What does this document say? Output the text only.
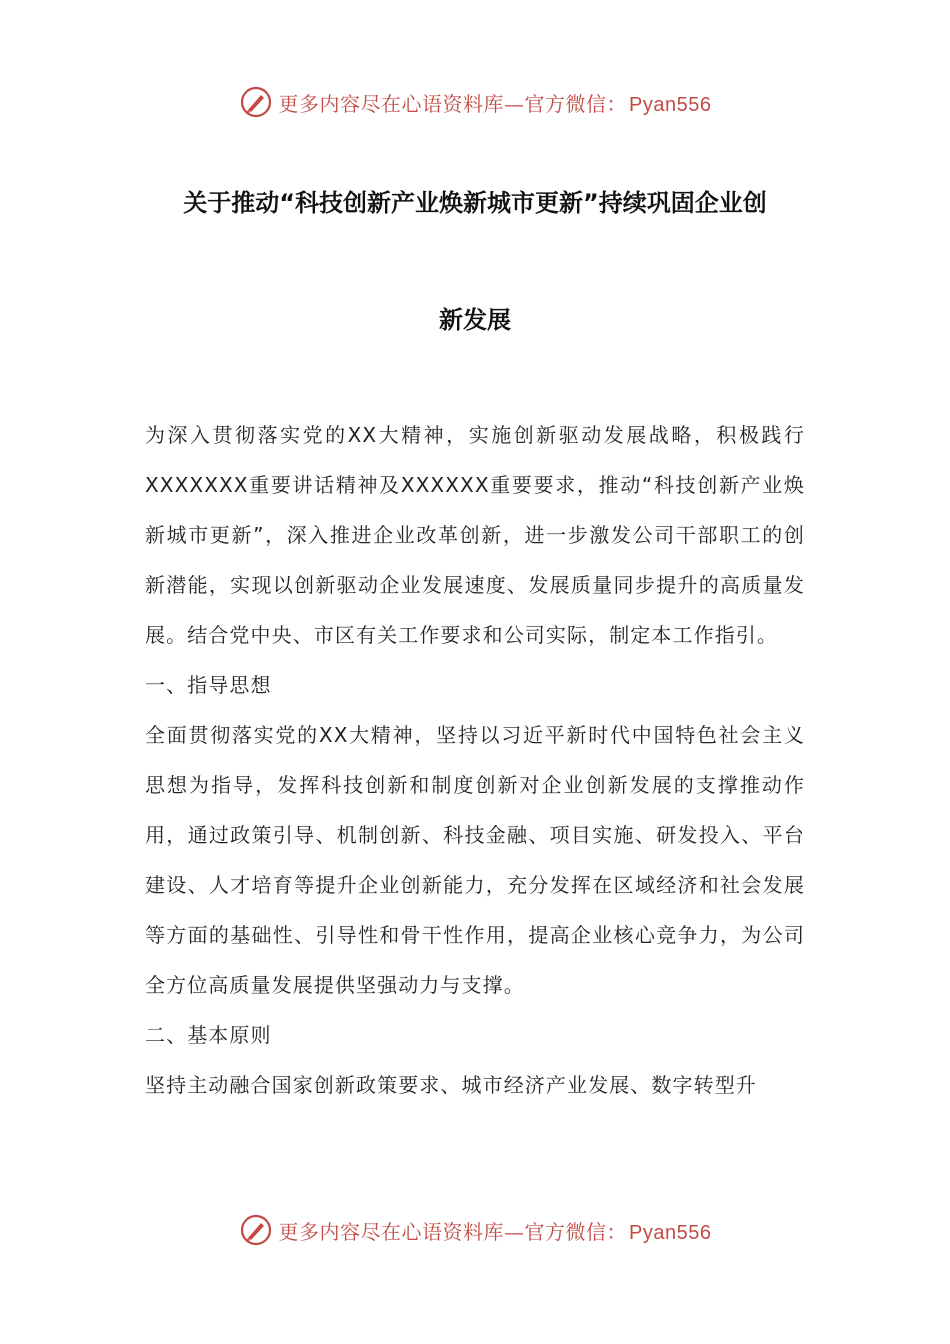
更多内容尽在心语资料库—官方微信： Pyan556
关于推动“科技创新产业焕新城市更新”持续巩固企业创
新发展

为深入贯彻落实党的XX大精神，实施创新驱动发展战略，积极践行XXXXXXX重要讲话精神及XXXXXX重要要求，推动“科技创新产业焕新城市更新”，深入推进企业改革创新，进一步激发公司干部职工的创新潜能，实现以创新驱动企业发展速度、发展质量同步提升的高质量发展。结合党中央、市区有关工作要求和公司实际，制定本工作指引。

一、指导思想

全面贯彻落实党的XX大精神，坚持以习近平新时代中国特色社会主义思想为指导，发挥科技创新和制度创新对企业创新发展的支撑推动作用，通过政策引导、机制创新、科技金融、项目实施、研发投入、平台建设、人才培育等提升企业创新能力，充分发挥在区域经济和社会发展等方面的基础性、引导性和骨干性作用，提高企业核心竞争力，为公司全方位高质量发展提供坚强动力与支撑。

二、基本原则

坚持主动融合国家创新政策要求、城市经济产业发展、数字转型升

更多内容尽在心语资料库—官方微信： Pyan556
